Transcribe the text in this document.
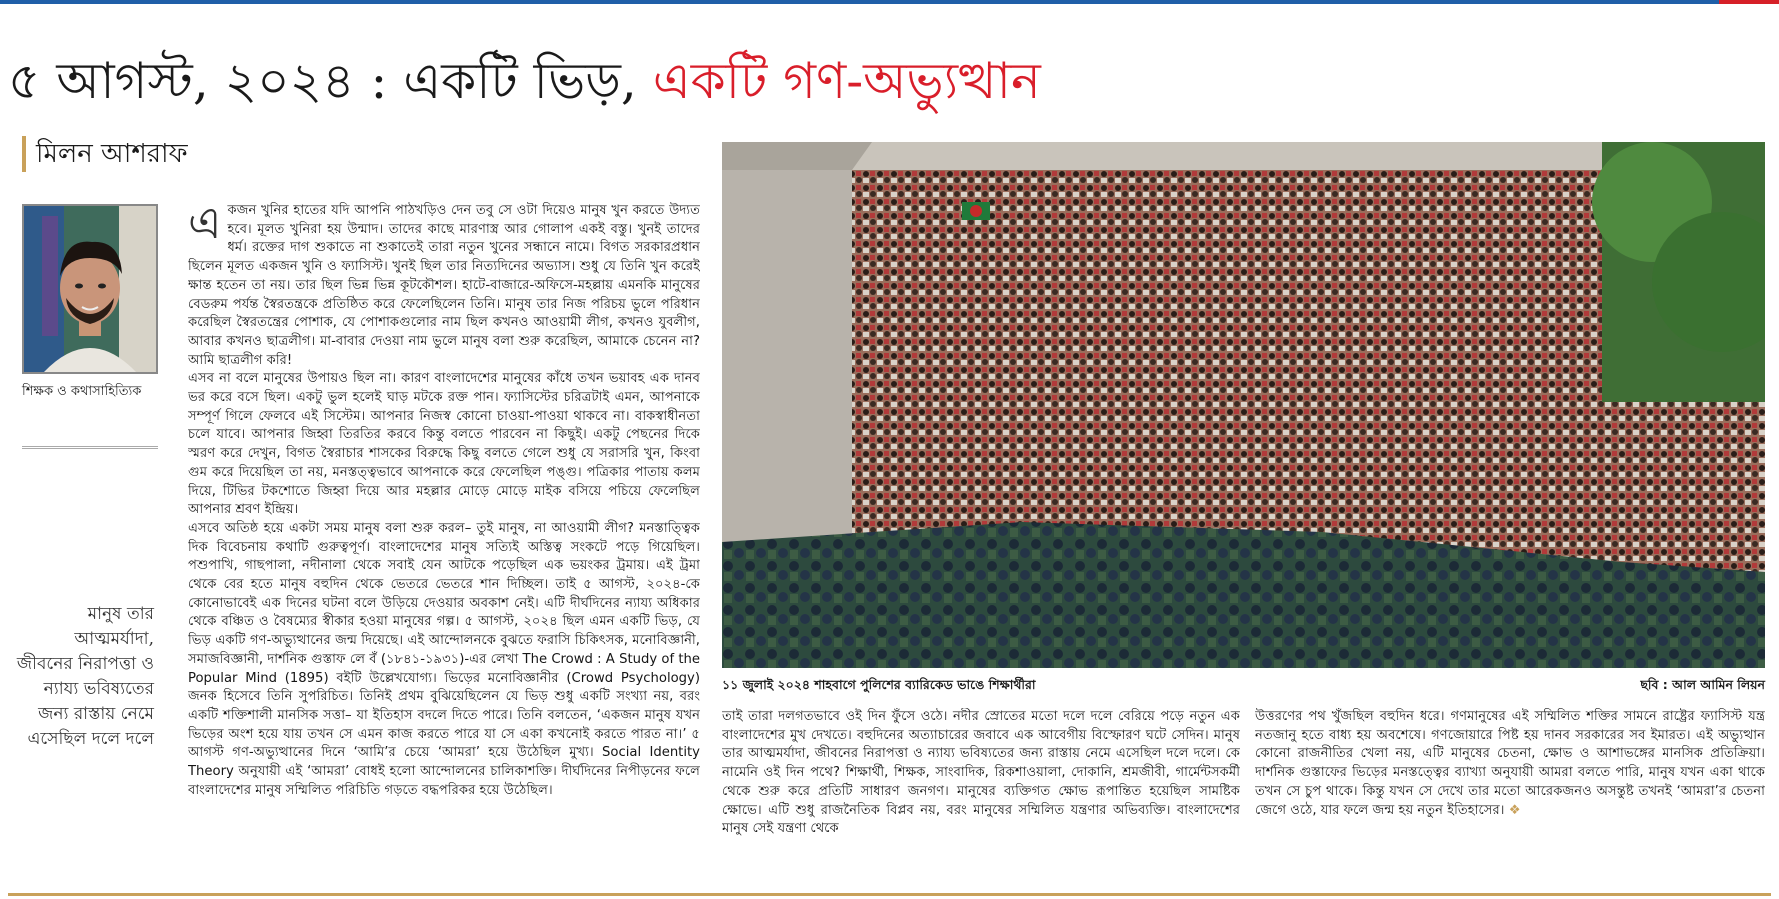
৫ আগস্ট, ২০২৪ : একটি ভিড়, একটি গণ-অভ্যুত্থান
মিলন আশরাফ
শিক্ষক ও কথাসাহিত্যিক
মানুষ তার আত্মমর্যাদা, জীবনের নিরাপত্তা ও ন্যায্য ভবিষ্যতের জন্য রাস্তায় নেমে এসেছিল দলে দলে
এ কজন খুনির হাতের যদি আপনি পাঠখড়িও দেন তবু সে ওটা দিয়েও মানুষ খুন করতে উদ্যত হবে। মূলত খুনিরা হয় উন্মাদ। তাদের কাছে মারণাস্ত্র আর গোলাপ একই বস্তু। খুনই তাদের ধর্ম। রক্তের দাগ শুকাতে না শুকাতেই তারা নতুন খুনের সন্ধানে নামে। বিগত সরকারপ্রধান ছিলেন মূলত একজন খুনি ও ফ্যাসিস্ট। খুনই ছিল তার নিত্যদিনের অভ্যাস। শুধু যে তিনি খুন করেই ক্ষান্ত হতেন তা নয়। তার ছিল ভিন্ন ভিন্ন কূটকৌশল। হাটে-বাজারে-অফিসে-মহল্লায় এমনকি মানুষের বেডরুম পর্যন্ত স্বৈরতন্ত্রকে প্রতিষ্ঠিত করে ফেলেছিলেন তিনি। মানুষ তার নিজ পরিচয় ভুলে পরিধান করেছিল স্বৈরতন্ত্রের পোশাক, যে পোশাকগুলোর নাম ছিল কখনও আওয়ামী লীগ, কখনও যুবলীগ, আবার কখনও ছাত্রলীগ। মা-বাবার দেওয়া নাম ভুলে মানুষ বলা শুরু করেছিল, আমাকে চেনেন না? আমি ছাত্রলীগ করি!

এসব না বলে মানুষের উপায়ও ছিল না। কারণ বাংলাদেশের মানুষের কাঁধে তখন ভয়াবহ এক দানব ভর করে বসে ছিল। একটু ভুল হলেই ঘাড় মটকে রক্ত পান। ফ্যাসিস্টের চরিত্রটাই এমন, আপনাকে সম্পূর্ণ গিলে ফেলবে এই সিস্টেম। আপনার নিজস্ব কোনো চাওয়া-পাওয়া থাকবে না। বাকস্বাধীনতা চলে যাবে। আপনার জিহ্বা তিরতির করবে কিন্তু বলতে পারবেন না কিছুই। একটু পেছনের দিকে স্মরণ করে দেখুন, বিগত স্বৈরাচার শাসকের বিরুদ্ধে কিছু বলতে গেলে শুধু যে সরাসরি খুন, কিংবা গুম করে দিয়েছিল তা নয়, মনস্তত্ত্বভাবে আপনাকে করে ফেলেছিল পঙ্গু। পত্রিকার পাতায় কলম দিয়ে, টিভির টকশোতে জিহ্বা দিয়ে আর মহল্লার মোড়ে মোড়ে মাইক বসিয়ে পচিয়ে ফেলেছিল আপনার শ্রবণ ইন্দ্রিয়।

এসবে অতিষ্ঠ হয়ে একটা সময় মানুষ বলা শুরু করল– তুই মানুষ, না আওয়ামী লীগ? মনস্তাত্ত্বিক দিক বিবেচনায় কথাটি গুরুত্বপূর্ণ। বাংলাদেশের মানুষ সত্যিই অস্তিত্ব সংকটে পড়ে গিয়েছিল। পশুপাখি, গাছপালা, নদীনালা থেকে সবাই যেন আটকে পড়েছিল এক ভয়ংকর ট্রমায়। এই ট্রমা থেকে বের হতে মানুষ বহুদিন থেকে ভেতরে ভেতরে শান দিচ্ছিল। তাই ৫ আগস্ট, ২০২৪-কে কোনোভাবেই এক দিনের ঘটনা বলে উড়িয়ে দেওয়ার অবকাশ নেই। এটি দীর্ঘদিনের ন্যায্য অধিকার থেকে বঞ্চিত ও বৈষম্যের স্বীকার হওয়া মানুষের গল্প। ৫ আগস্ট, ২০২৪ ছিল এমন একটি ভিড়, যে ভিড় একটি গণ-অভ্যুত্থানের জন্ম দিয়েছে। এই আন্দোলনকে বুঝতে ফরাসি চিকিৎসক, মনোবিজ্ঞানী, সমাজবিজ্ঞানী, দার্শনিক গুস্তাফ লে বঁ (১৮৪১-১৯৩১)-এর লেখা The Crowd : A Study of the Popular Mind (1895) বইটি উল্লেখযোগ্য। ভিড়ের মনোবিজ্ঞানীর (Crowd Psychology) জনক হিসেবে তিনি সুপরিচিত। তিনিই প্রথম বুঝিয়েছিলেন যে ভিড় শুধু একটি সংখ্যা নয়, বরং একটি শক্তিশালী মানসিক সত্তা– যা ইতিহাস বদলে দিতে পারে। তিনি বলতেন, ‘একজন মানুষ যখন ভিড়ের অংশ হয়ে যায় তখন সে এমন কাজ করতে পারে যা সে একা কখনোই করতে পারত না।’ ৫ আগস্ট গণ-অভ্যুত্থানের দিনে ‘আমি’র চেয়ে ‘আমরা’ হয়ে উঠেছিল মুখ্য। Social Identity Theory অনুযায়ী এই ‘আমরা’ বোধই হলো আন্দোলনের চালিকাশক্তি। দীর্ঘদিনের নিপীড়নের ফলে বাংলাদেশের মানুষ সম্মিলিত পরিচিতি গড়তে বদ্ধপরিকর হয়ে উঠেছিল।

১১ জুলাই ২০২৪ শাহবাগে পুলিশের ব্যারিকেড ভাঙে শিক্ষার্থীরা	ছবি : আল আমিন লিয়ন

তাই তারা দলগতভাবে ওই দিন ফুঁসে ওঠে। নদীর স্রোতের মতো দলে দলে বেরিয়ে পড়ে নতুন এক বাংলাদেশের মুখ দেখতে। বহুদিনের অত্যাচারের জবাবে এক আবেগীয় বিস্ফোরণ ঘটে সেদিন। মানুষ তার আত্মমর্যাদা, জীবনের নিরাপত্তা ও ন্যায্য ভবিষ্যতের জন্য রাস্তায় নেমে এসেছিল দলে দলে। কে নামেনি ওই দিন পথে? শিক্ষার্থী, শিক্ষক, সাংবাদিক, রিকশাওয়ালা, দোকানি, শ্রমজীবী, গার্মেন্টসকর্মী থেকে শুরু করে প্রতিটি সাধারণ জনগণ। মানুষের ব্যক্তিগত ক্ষোভ রূপান্তিত হয়েছিল সামষ্টিক ক্ষোভে। এটি শুধু রাজনৈতিক বিপ্লব নয়, বরং মানুষের সম্মিলিত যন্ত্রণার অভিব্যক্তি। বাংলাদেশের মানুষ সেই যন্ত্রণা থেকে

উত্তরণের পথ খুঁজছিল বহুদিন ধরে। গণমানুষের এই সম্মিলিত শক্তির সামনে রাষ্ট্রের ফ্যাসিস্ট যন্ত্র নতজানু হতে বাধ্য হয় অবশেষে। গণজোয়ারে পিষ্ট হয় দানব সরকারের সব ইমারত। এই অভ্যুত্থান কোনো রাজনীতির খেলা নয়, এটি মানুষের চেতনা, ক্ষোভ ও আশাভঙ্গের মানসিক প্রতিক্রিয়া। দার্শনিক গুস্তাফের ভিড়ের মনস্তত্ত্বের ব্যাখ্যা অনুযায়ী আমরা বলতে পারি, মানুষ যখন একা থাকে তখন সে চুপ থাকে। কিন্তু যখন সে দেখে তার মতো আরেকজনও অসন্তুষ্ট তখনই ‘আমরা’র চেতনা জেগে ওঠে, যার ফলে জন্ম হয় নতুন ইতিহাসের। ❖
